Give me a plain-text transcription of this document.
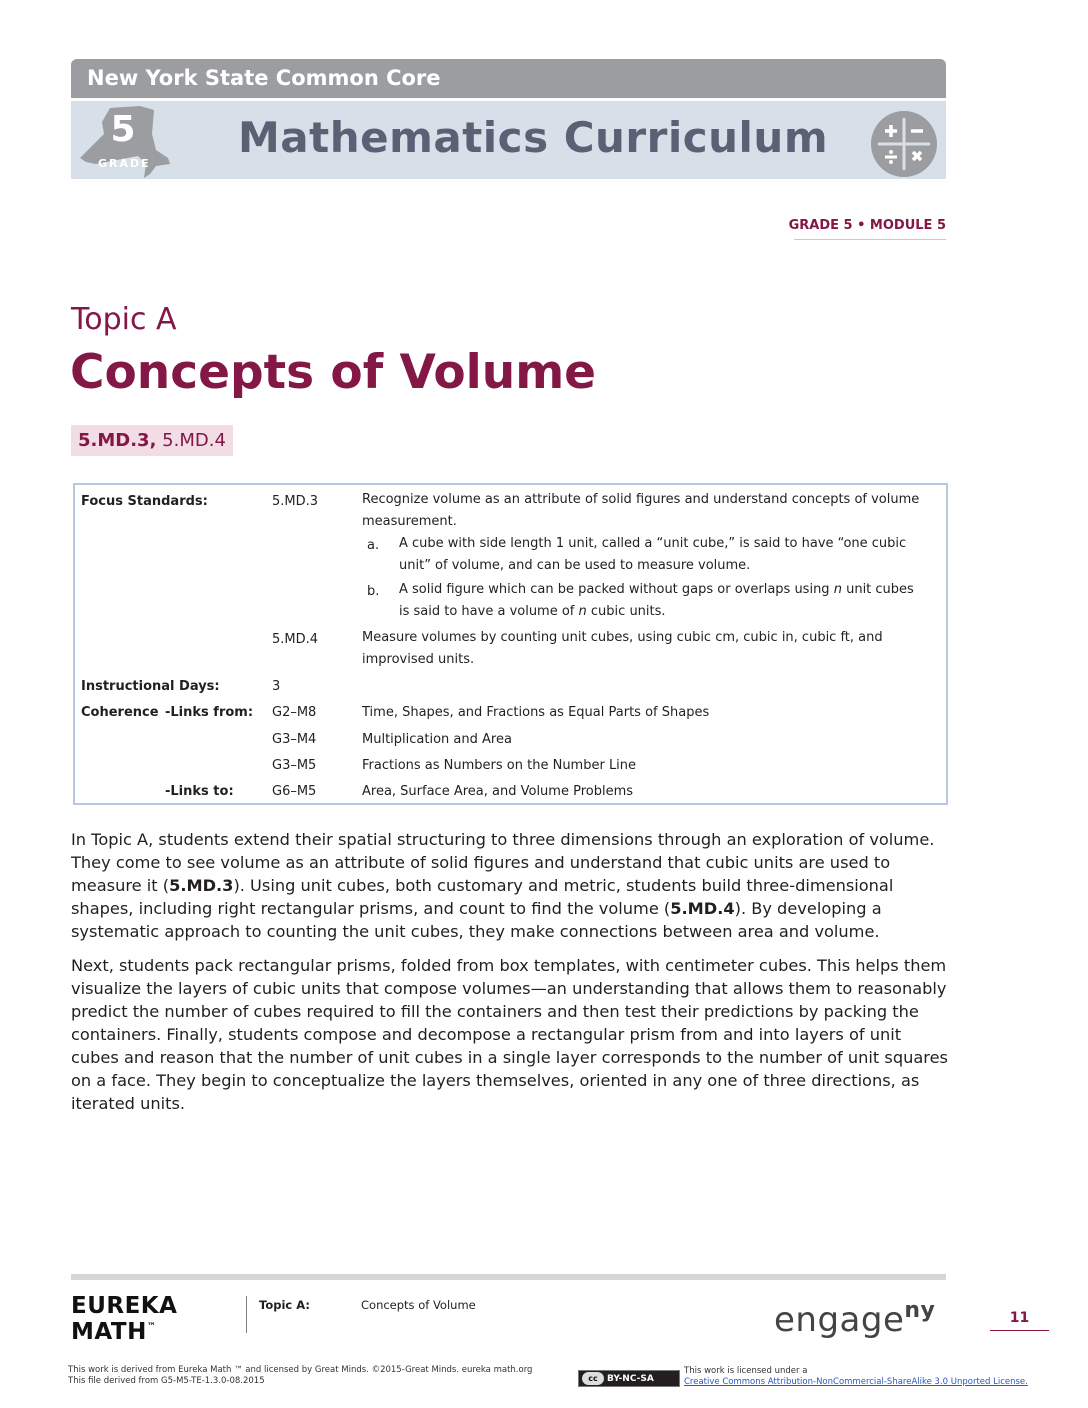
New York State Common Core
5
GRADE
Mathematics Curriculum
GRADE 5 • MODULE 5
Topic A
Concepts of Volume
5.MD.3, 5.MD.4
Focus Standards:	5.MD.3	Recognize volume as an attribute of solid figures and understand concepts of volume measurement.
a.	A cube with side length 1 unit, called a “unit cube,” is said to have “one cubic unit” of volume, and can be used to measure volume.
b.	A solid figure which can be packed without gaps or overlaps using n unit cubes is said to have a volume of n cubic units.
5.MD.4	Measure volumes by counting unit cubes, using cubic cm, cubic in, cubic ft, and improvised units.
Instructional Days:	3
Coherence -Links from: G2–M8	Time, Shapes, and Fractions as Equal Parts of Shapes
G3–M4	Multiplication and Area
G3–M5	Fractions as Numbers on the Number Line
-Links to:	G6–M5	Area, Surface Area, and Volume Problems
In Topic A, students extend their spatial structuring to three dimensions through an exploration of volume. They come to see volume as an attribute of solid figures and understand that cubic units are used to measure it (5.MD.3). Using unit cubes, both customary and metric, students build three-dimensional shapes, including right rectangular prisms, and count to find the volume (5.MD.4). By developing a systematic approach to counting the unit cubes, they make connections between area and volume.
Next, students pack rectangular prisms, folded from box templates, with centimeter cubes. This helps them visualize the layers of cubic units that compose volumes—an understanding that allows them to reasonably predict the number of cubes required to fill the containers and then test their predictions by packing the containers. Finally, students compose and decompose a rectangular prism from and into layers of unit cubes and reason that the number of unit cubes in a single layer corresponds to the number of unit squares on a face. They begin to conceptualize the layers themselves, oriented in any one of three directions, as iterated units.
EUREKA
MATH™
Topic A:	Concepts of Volume	engage$^{ny}$	11
This work is derived from Eureka Math ™ and licensed by Great Minds. ©2015-Great Minds. eureka math.org
This file derived from G5-M5-TE-1.3.0-08.2015	cc BY-NC-SA
This work is licensed under a
Creative Commons Attribution-NonCommercial-ShareAlike 3.0 Unported License.
